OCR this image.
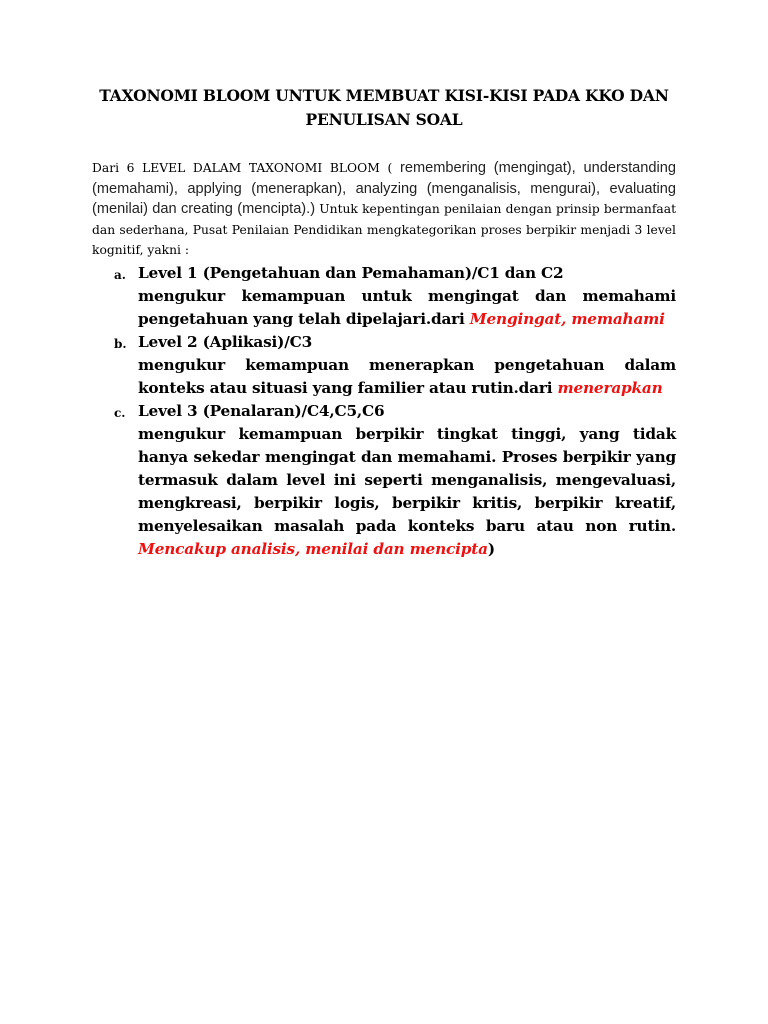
TAXONOMI BLOOM UNTUK MEMBUAT KISI-KISI PADA KKO DAN PENULISAN SOAL

Dari 6 LEVEL DALAM TAXONOMI BLOOM ( remembering (mengingat), understanding (memahami), applying (menerapkan), analyzing (menganalisis, mengurai), evaluating (menilai) dan creating (mencipta).) Untuk kepentingan penilaian dengan prinsip bermanfaat dan sederhana, Pusat Penilaian Pendidikan mengkategorikan proses berpikir menjadi 3 level kognitif, yakni :

a. Level 1 (Pengetahuan dan Pemahaman)/C1 dan C2
mengukur kemampuan untuk mengingat dan memahami pengetahuan yang telah dipelajari.dari Mengingat, memahami
b. Level 2 (Aplikasi)/C3
mengukur kemampuan menerapkan pengetahuan dalam konteks atau situasi yang familier atau rutin.dari menerapkan
c. Level 3 (Penalaran)/C4,C5,C6
mengukur kemampuan berpikir tingkat tinggi, yang tidak hanya sekedar mengingat dan memahami. Proses berpikir yang termasuk dalam level ini seperti menganalisis, mengevaluasi, mengkreasi, berpikir logis, berpikir kritis, berpikir kreatif, menyelesaikan masalah pada konteks baru atau non rutin. Mencakup analisis, menilai dan mencipta)
